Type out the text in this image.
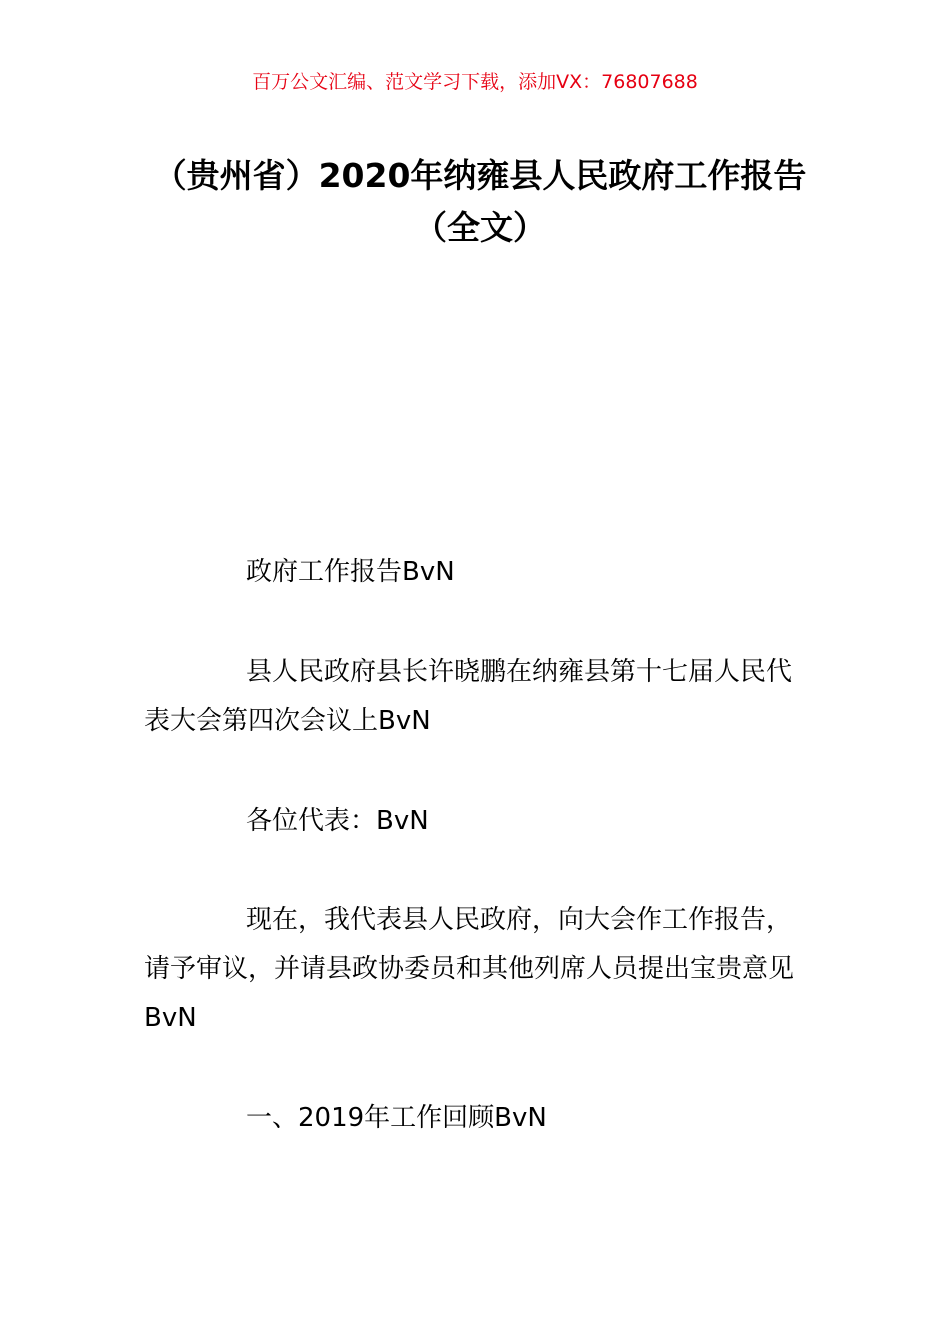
百万公文汇编、范文学习下载，添加VX：76807688
（贵州省）2020年纳雍县人民政府工作报告（全文）

政府工作报告BvN

县人民政府县长许晓鹏在纳雍县第十七届人民代表大会第四次会议上BvN

各位代表：BvN

现在，我代表县人民政府，向大会作工作报告，请予审议，并请县政协委员和其他列席人员提出宝贵意见BvN

一、2019年工作回顾BvN
